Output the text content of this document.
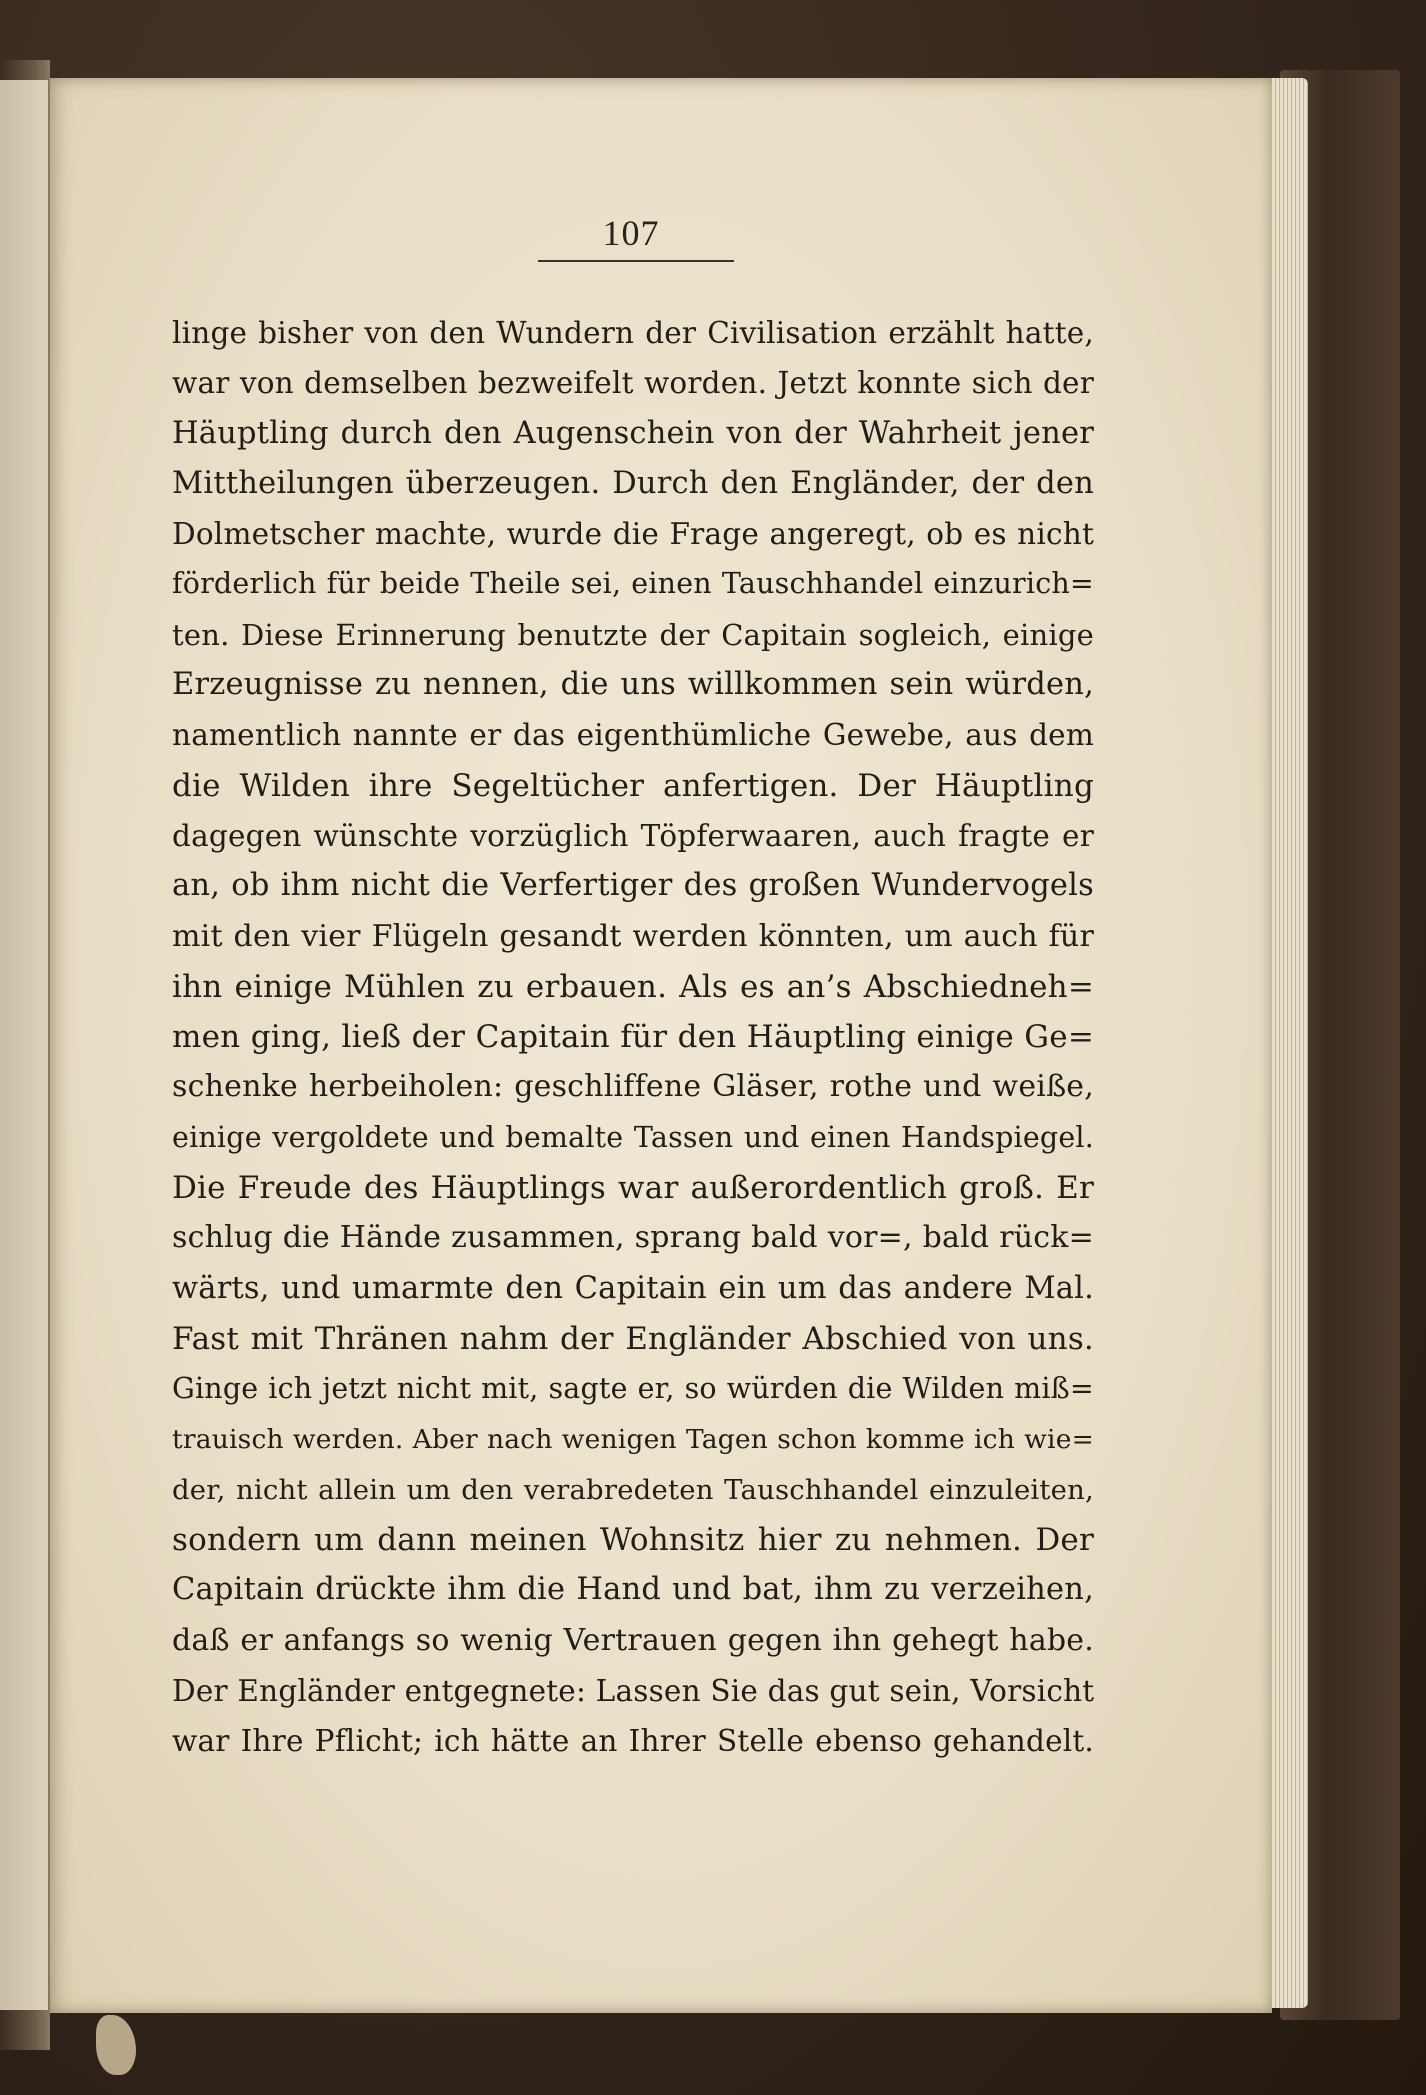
107
linge bisher von den Wundern der Civilisation erzählt hatte,
war von demselben bezweifelt worden. Jetzt konnte sich der
Häuptling durch den Augenschein von der Wahrheit jener
Mittheilungen überzeugen. Durch den Engländer, der den
Dolmetscher machte, wurde die Frage angeregt, ob es nicht
förderlich für beide Theile sei, einen Tauschhandel einzurich=
ten. Diese Erinnerung benutzte der Capitain sogleich, einige
Erzeugnisse zu nennen, die uns willkommen sein würden,
namentlich nannte er das eigenthümliche Gewebe, aus dem
die Wilden ihre Segeltücher anfertigen. Der Häuptling
dagegen wünschte vorzüglich Töpferwaaren, auch fragte er
an, ob ihm nicht die Verfertiger des großen Wundervogels
mit den vier Flügeln gesandt werden könnten, um auch für
ihn einige Mühlen zu erbauen. Als es an’s Abschiedneh=
men ging, ließ der Capitain für den Häuptling einige Ge=
schenke herbeiholen: geschliffene Gläser, rothe und weiße,
einige vergoldete und bemalte Tassen und einen Handspiegel.
Die Freude des Häuptlings war außerordentlich groß. Er
schlug die Hände zusammen, sprang bald vor=, bald rück=
wärts, und umarmte den Capitain ein um das andere Mal.
Fast mit Thränen nahm der Engländer Abschied von uns.
Ginge ich jetzt nicht mit, sagte er, so würden die Wilden miß=
trauisch werden. Aber nach wenigen Tagen schon komme ich wie=
der, nicht allein um den verabredeten Tauschhandel einzuleiten,
sondern um dann meinen Wohnsitz hier zu nehmen. Der
Capitain drückte ihm die Hand und bat, ihm zu verzeihen,
daß er anfangs so wenig Vertrauen gegen ihn gehegt habe.
Der Engländer entgegnete: Lassen Sie das gut sein, Vorsicht
war Ihre Pflicht; ich hätte an Ihrer Stelle ebenso gehandelt.
